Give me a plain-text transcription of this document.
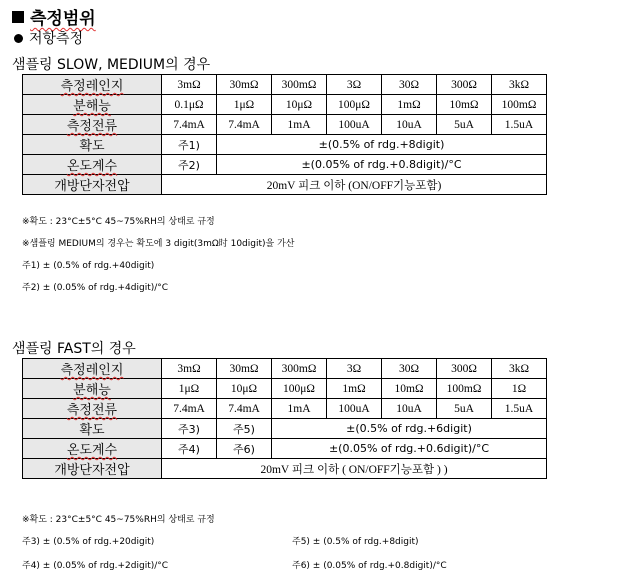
측정범위
저항측정
샘플링 SLOW, MEDIUM의 경우
측정레인지	3mΩ	30mΩ	300mΩ	3Ω	30Ω	300Ω	3kΩ
분해능	0.1μΩ	1μΩ	10μΩ	100μΩ	1mΩ	10mΩ	100mΩ
측정전류	7.4mA	7.4mA	1mA	100uA	10uA	5uA	1.5uA
확도	주1)	±(0.5% of rdg.+8digit)					
온도계수	주2)	±(0.05% of rdg.+0.8digit)/°C					
개방단자전압	20mV 피크 이하 (ON/OFF기능포함)						
※확도 : 23°C±5°C 45~75%RH의 상태로 규정
※샘플링 MEDIUM의 경우는 확도에 3 digit(3mΩ时 10digit)을 가산
주1) ± (0.5% of rdg.+40digit)
주2) ± (0.05% of rdg.+4digit)/°C
샘플링 FAST의 경우
측정레인지	3mΩ	30mΩ	300mΩ	3Ω	30Ω	300Ω	3kΩ
분해능	1μΩ	10μΩ	100μΩ	1mΩ	10mΩ	100mΩ	1Ω
측정전류	7.4mA	7.4mA	1mA	100uA	10uA	5uA	1.5uA
확도	주3)	주5)	±(0.5% of rdg.+6digit)				
온도계수	주4)	주6)	±(0.05% of rdg.+0.6digit)/°C				
개방단자전압	20mV 피크 이하 ( ON/OFF기능포함 ) )						
※확도 : 23°C±5°C 45~75%RH의 상태로 규정
주3) ± (0.5% of rdg.+20digit)	주5) ± (0.5% of rdg.+8digit)
주4) ± (0.05% of rdg.+2digit)/°C	주6) ± (0.05% of rdg.+0.8digit)/°C
